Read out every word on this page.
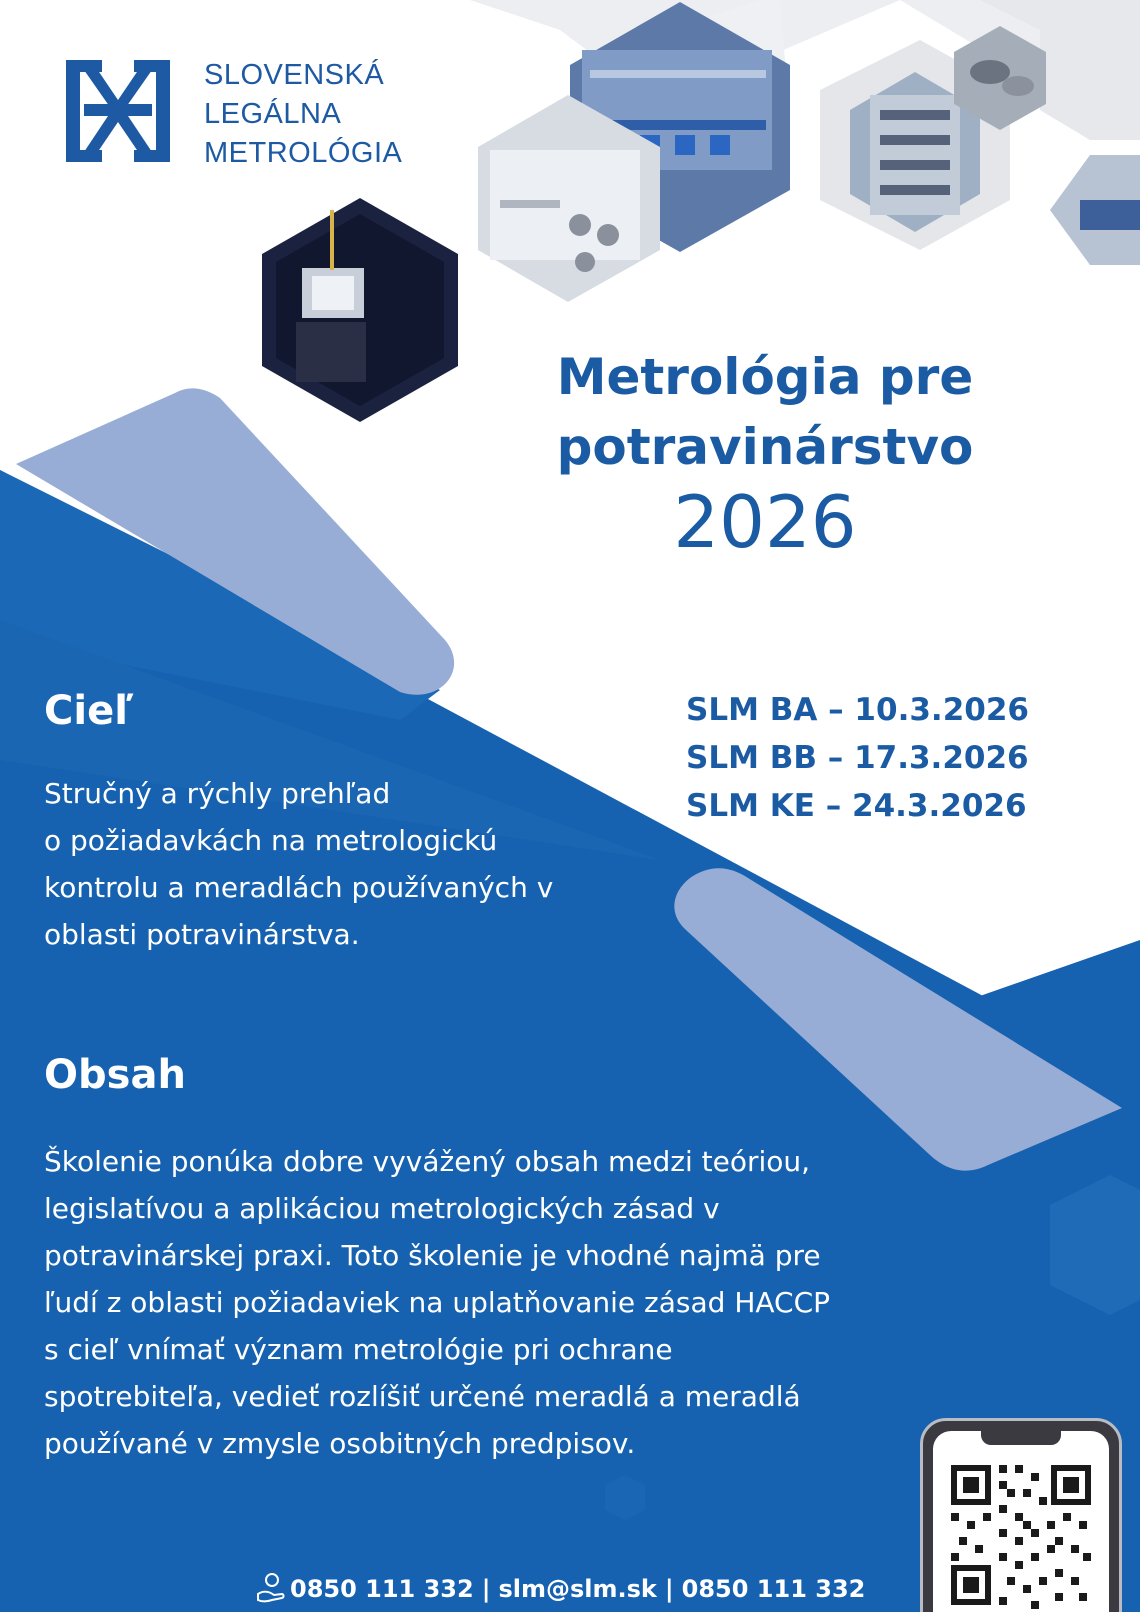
SLOVENSKÁ
LEGÁLNA
METROLÓGIA
Metrológia pre
potravinárstvo
2026
SLM BA – 10.3.2026
SLM BB – 17.3.2026
SLM KE – 24.3.2026
Cieľ
Stručný a rýchly prehľad
o požiadavkách na metrologickú
kontrolu a meradlách používaných v
oblasti potravinárstva.
Obsah
Školenie ponúka dobre vyvážený obsah medzi teóriou,
legislatívou a aplikáciou metrologických zásad v
potravinárskej praxi. Toto školenie je vhodné najmä pre
ľudí z oblasti požiadaviek na uplatňovanie zásad HACCP
s cieľ vnímať význam metrológie pri ochrane
spotrebiteľa, vedieť rozlíšiť určené meradlá a meradlá
používané v zmysle osobitných predpisov.
0850 111 332 | slm@slm.sk | 0850 111 332
